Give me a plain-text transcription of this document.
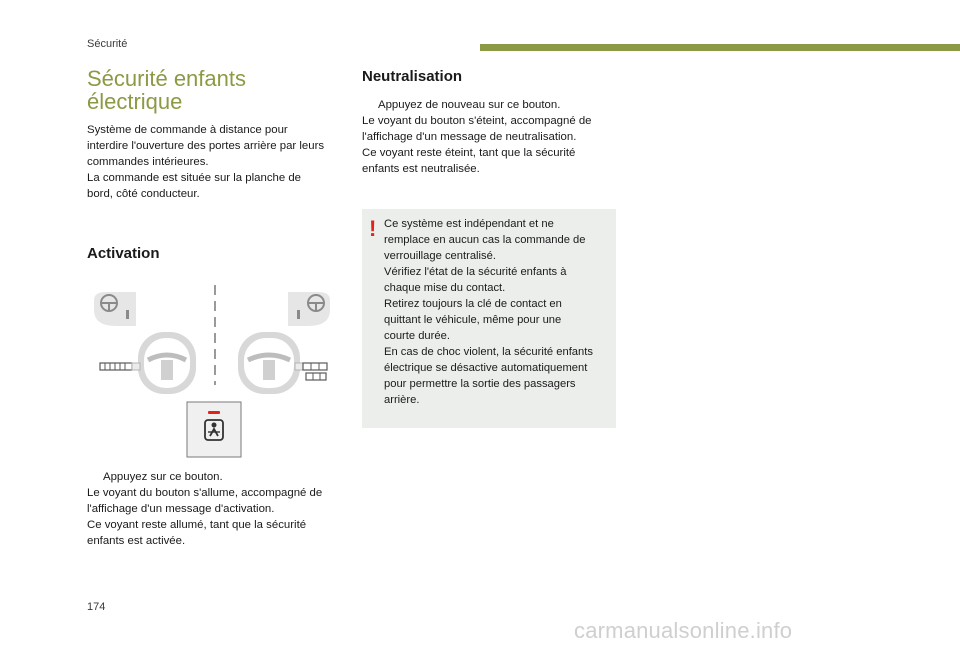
Sécurité
Sécurité enfants électrique
Système de commande à distance pour
interdire l'ouverture des portes arrière par leurs
commandes intérieures.
La commande est située sur la planche de
bord, côté conducteur.
Activation
Appuyez sur ce bouton.
Le voyant du bouton s'allume, accompagné de
l'affichage d'un message d'activation.
Ce voyant reste allumé, tant que la sécurité
enfants est activée.
Neutralisation
Appuyez de nouveau sur ce bouton.
Le voyant du bouton s'éteint, accompagné de
l'affichage d'un message de neutralisation.
Ce voyant reste éteint, tant que la sécurité
enfants est neutralisée.
! Ce système est indépendant et ne
remplace en aucun cas la commande de
verrouillage centralisé.
Vérifiez l'état de la sécurité enfants à
chaque mise du contact.
Retirez toujours la clé de contact en
quittant le véhicule, même pour une
courte durée.
En cas de choc violent, la sécurité enfants
électrique se désactive automatiquement
pour permettre la sortie des passagers
arrière.
174
carmanualsonline.info
